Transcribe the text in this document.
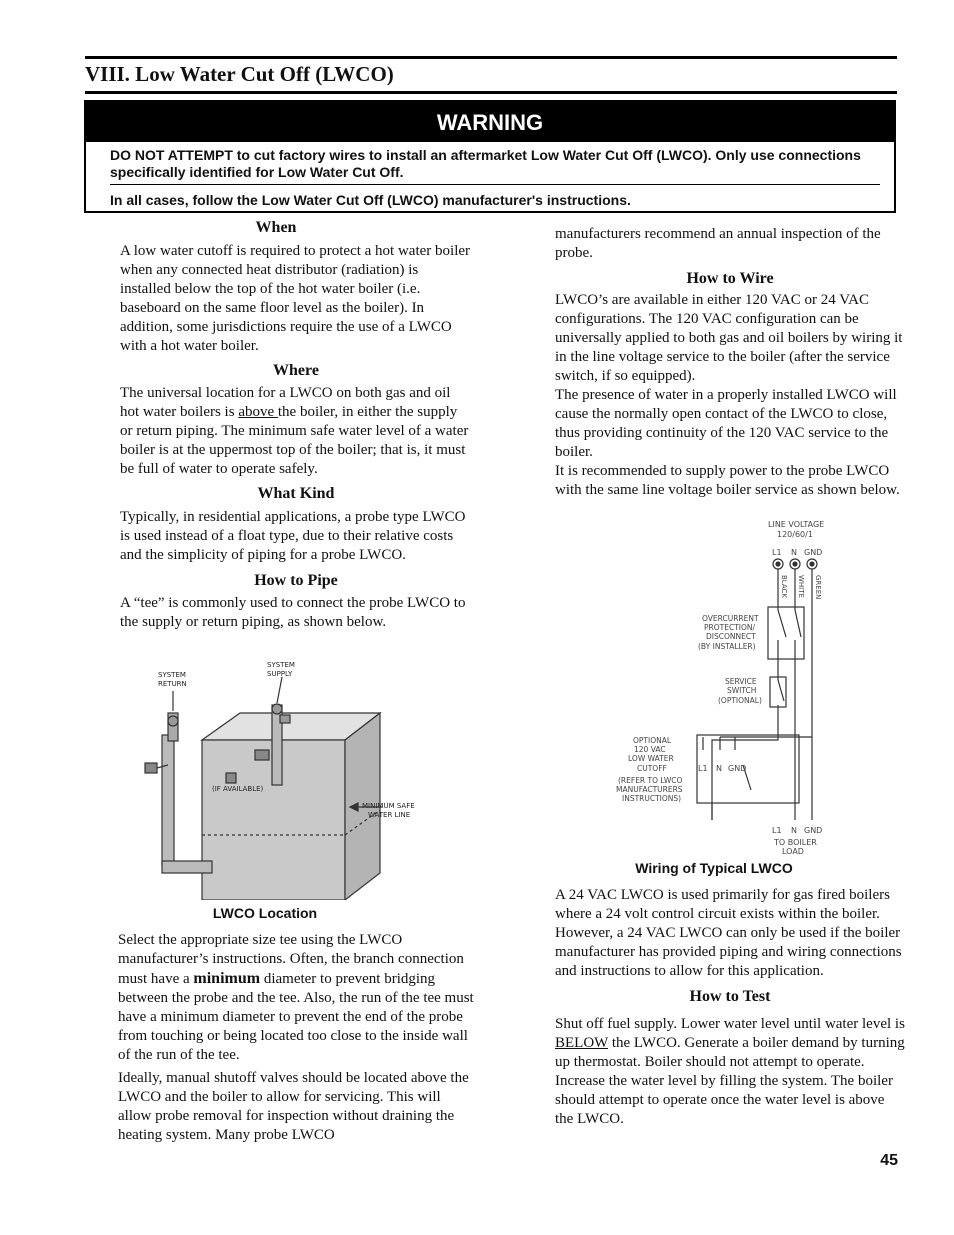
VIII. Low Water Cut Off (LWCO)
WARNING

DO NOT ATTEMPT to cut factory wires to install an aftermarket Low Water Cut Off (LWCO). Only use connections specifically identified for Low Water Cut Off.

In all cases, follow the Low Water Cut Off (LWCO) manufacturer's instructions.

When

A low water cutoff is required to protect a hot water boiler when any connected heat distributor (radiation) is installed below the top of the hot water boiler (i.e. baseboard on the same floor level as the boiler). In addition, some jurisdictions require the use of a LWCO with a hot water boiler.

Where

The universal location for a LWCO on both gas and oil hot water boilers is above the boiler, in either the supply or return piping. The minimum safe water level of a water boiler is at the uppermost top of the boiler; that is, it must be full of water to operate safely.

What Kind

Typically, in residential applications, a probe type LWCO is used instead of a float type, due to their relative costs and the simplicity of piping for a probe LWCO.

How to Pipe

A “tee” is commonly used to connect the probe LWCO to the supply or return piping, as shown below.

SYSTEM
RETURN
SYSTEM
SUPPLY
(IF AVAILABLE)
MINIMUM SAFE
WATER LINE
LWCO Location

Select the appropriate size tee using the LWCO manufacturer’s instructions. Often, the branch connection must have a minimum diameter to prevent bridging between the probe and the tee. Also, the run of the tee must have a minimum diameter to prevent the end of the probe from touching or being located too close to the inside wall of the run of the tee.

Ideally, manual shutoff valves should be located above the LWCO and the boiler to allow for servicing. This will allow probe removal for inspection without draining the heating system. Many probe LWCO

manufacturers recommend an annual inspection of the probe.

How to Wire

LWCO’s are available in either 120 VAC or 24 VAC configurations. The 120 VAC configuration can be universally applied to both gas and oil boilers by wiring it in the line voltage service to the boiler (after the service switch, if so equipped).

The presence of water in a properly installed LWCO will cause the normally open contact of the LWCO to close, thus providing continuity of the 120 VAC service to the boiler.

It is recommended to supply power to the probe LWCO with the same line voltage boiler service as shown below.

LINE VOLTAGE
120/60/1
L1 N GND
BLACK WHITE GREEN
OVERCURRENT
PROTECTION/
DISCONNECT
(BY INSTALLER)
SERVICE
SWITCH
(OPTIONAL)
OPTIONAL
120 VAC
LOW WATER
CUTOFF
(REFER TO LWCO
MANUFACTURERS
INSTRUCTIONS)
L1 N GND
L1 N GND
TO BOILER
LOAD
Wiring of Typical LWCO

A 24 VAC LWCO is used primarily for gas fired boilers where a 24 volt control circuit exists within the boiler. However, a 24 VAC LWCO can only be used if the boiler manufacturer has provided piping and wiring connections and instructions to allow for this application.

How to Test

Shut off fuel supply. Lower water level until water level is BELOW the LWCO. Generate a boiler demand by turning up thermostat. Boiler should not attempt to operate. Increase the water level by filling the system. The boiler should attempt to operate once the water level is above the LWCO.

45
